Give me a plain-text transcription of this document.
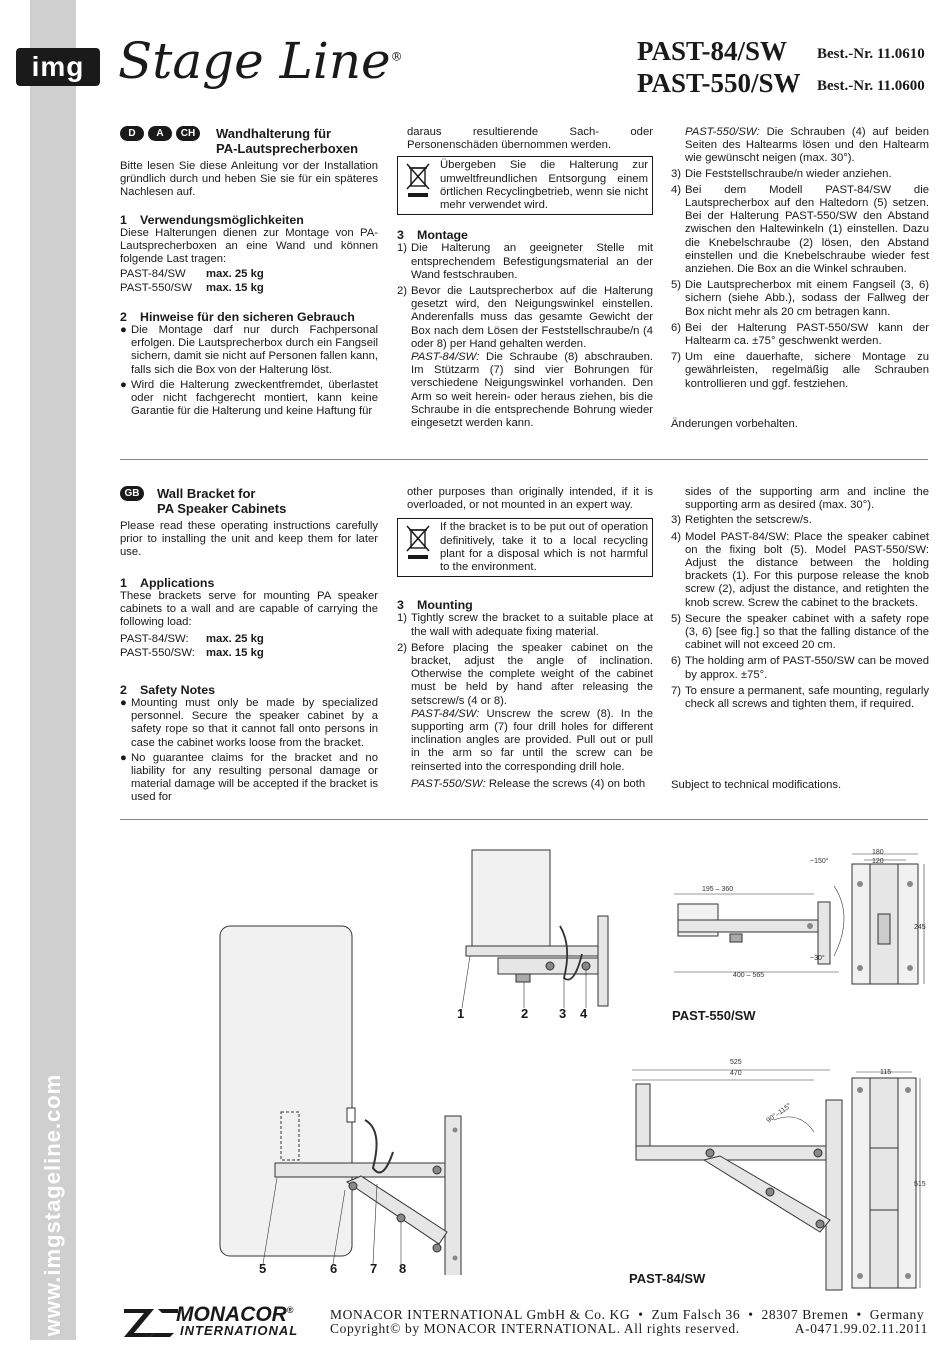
www.imgstageline.com
img Stage Line®	PAST-84/SW Best.-Nr. 11.0610
PAST-550/SW Best.-Nr. 11.0600
D A CH	Wandhalterung für
PA-Lautsprecherboxen

Bitte lesen Sie diese Anleitung vor der Installation gründlich durch und heben Sie sie für ein späteres Nachlesen auf.

1 Verwendungsmöglichkeiten

Diese Halterungen dienen zur Montage von PA-Lautsprecherboxen an eine Wand und können folgende Last tragen:

PAST-84/SW	max. 25 kg
PAST-550/SW	max. 15 kg
2 Hinweise für den sicheren Gebrauch
● Die Montage darf nur durch Fachpersonal erfolgen. Die Lautsprecherbox durch ein Fangseil sichern, damit sie nicht auf Personen fallen kann, falls sich die Box von der Halterung löst.
● Wird die Halterung zweckentfremdet, überlastet oder nicht fachgerecht montiert, kann keine Garantie für die Halterung und keine Haftung für

daraus resultierende Sach- oder Personenschäden übernommen werden.

Übergeben Sie die Halterung zur umweltfreundlichen Entsorgung einem örtlichen Recyclingbetrieb, wenn sie nicht mehr verwendet wird.
3 Montage
1) Die Halterung an geeigneter Stelle mit entsprechendem Befestigungsmaterial an der Wand festschrauben.
2) Bevor die Lautsprecherbox auf die Halterung gesetzt wird, den Neigungswinkel einstellen. Anderenfalls muss das gesamte Gewicht der Box nach dem Lösen der Feststellschraube/n (4 oder 8) per Hand gehalten werden.

PAST-84/SW: Die Schraube (8) abschrauben. Im Stützarm (7) sind vier Bohrungen für verschiedene Neigungswinkel vorhanden. Den Arm so weit herein- oder heraus ziehen, bis die Schraube in die entsprechende Bohrung wieder eingesetzt werden kann.

PAST-550/SW: Die Schrauben (4) auf beiden Seiten des Haltearms lösen und den Haltearm wie gewünscht neigen (max. 30°).

3) Die Feststellschraube/n wieder anziehen.
4) Bei dem Modell PAST-84/SW die Lautsprecherbox auf den Haltedorn (5) setzen. Bei der Halterung PAST-550/SW den Abstand zwischen den Haltewinkeln (1) einstellen. Dazu die Knebelschraube (2) lösen, den Abstand einstellen und die Knebelschraube wieder fest anziehen. Die Box an die Winkel schrauben.
5) Die Lautsprecherbox mit einem Fangseil (3, 6) sichern (siehe Abb.), sodass der Fallweg der Box nicht mehr als 20 cm betragen kann.
6) Bei der Halterung PAST-550/SW kann der Haltearm ca. ±75° geschwenkt werden.
7) Um eine dauerhafte, sichere Montage zu gewährleisten, regelmäßig alle Schrauben kontrollieren und ggf. festziehen.
Änderungen vorbehalten.
GB	Wall Bracket for
PA Speaker Cabinets

Please read these operating instructions carefully prior to installing the unit and keep them for later use.

1 Applications

These brackets serve for mounting PA speaker cabinets to a wall and are capable of carrying the following load:

PAST-84/SW:	max. 25 kg
PAST-550/SW: max. 15 kg
2 Safety Notes
● Mounting must only be made by specialized personnel. Secure the speaker cabinet by a safety rope so that it cannot fall onto persons in case the cabinet works loose from the bracket.
● No guarantee claims for the bracket and no liability for any resulting personal damage or material damage will be accepted if the bracket is used for

other purposes than originally intended, if it is overloaded, or not mounted in an expert way.

If the bracket is to be put out of operation definitively, take it to a local recycling plant for a disposal which is not harmful to the environment.
3 Mounting
1) Tightly screw the bracket to a suitable place at the wall with adequate fixing material.
2) Before placing the speaker cabinet on the bracket, adjust the angle of inclination. Otherwise the complete weight of the cabinet must be held by hand after releasing the setscrew/s (4 or 8).

PAST-84/SW: Unscrew the screw (8). In the supporting arm (7) four drill holes for different inclination angles are provided. Pull out or pull in the arm so far until the screw can be reinserted into the corresponding drill hole.

PAST-550/SW: Release the screws (4) on both

sides of the supporting arm and incline the supporting arm as desired (max. 30°).

3) Retighten the setscrew/s.
4) Model PAST-84/SW: Place the speaker cabinet on the fixing bolt (5). Model PAST-550/SW: Adjust the distance between the holding brackets (1). For this purpose release the knob screw (2), adjust the distance, and retighten the knob screw. Screw the cabinet to the brackets.
5) Secure the speaker cabinet with a safety rope (3, 6) [see fig.] so that the falling distance of the cabinet will not exceed 20 cm.
6) The holding arm of PAST-550/SW can be moved by approx. ±75°.
7) To ensure a permanent, safe mounting, regularly check all screws and tighten them, if required.
Subject to technical modifications.
5	6	7 8
1	2 3 4
195 – 360
400 – 565
~150°
~30°
180
120
245
PAST-550/SW
525
470
90°–115°
115
515
PAST-84/SW
MONACOR®
INTERNATIONAL
MONACOR INTERNATIONAL GmbH & Co. KG  •  Zum Falsch 36  •  28307 Bremen  •  Germany
Copyright© by MONACOR INTERNATIONAL. All rights reserved.	A-0471.99.02.11.2011
